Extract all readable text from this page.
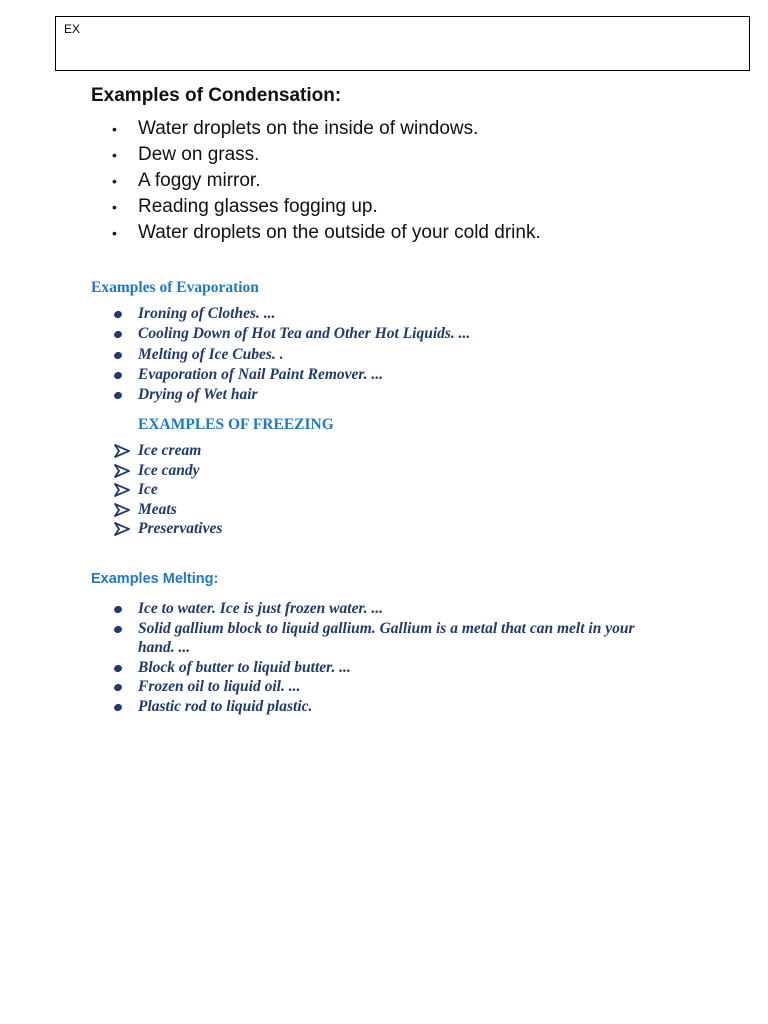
EX
Examples of Condensation:
• Water droplets on the inside of windows.
• Dew on grass.
• A foggy mirror.
• Reading glasses fogging up.
• Water droplets on the outside of your cold drink.
Examples of Evaporation
Ironing of Clothes. ...
Cooling Down of Hot Tea and Other Hot Liquids. ...
Melting of Ice Cubes. .
Evaporation of Nail Paint Remover. ...
Drying of Wet hair
EXAMPLES OF FREEZING
Ice cream
Ice candy
Ice
Meats
Preservatives
Examples Melting:
Ice to water. Ice is just frozen water. ...
Solid gallium block to liquid gallium. Gallium is a metal that can melt in your hand. ...
Block of butter to liquid butter. ...
Frozen oil to liquid oil. ...
Plastic rod to liquid plastic.
